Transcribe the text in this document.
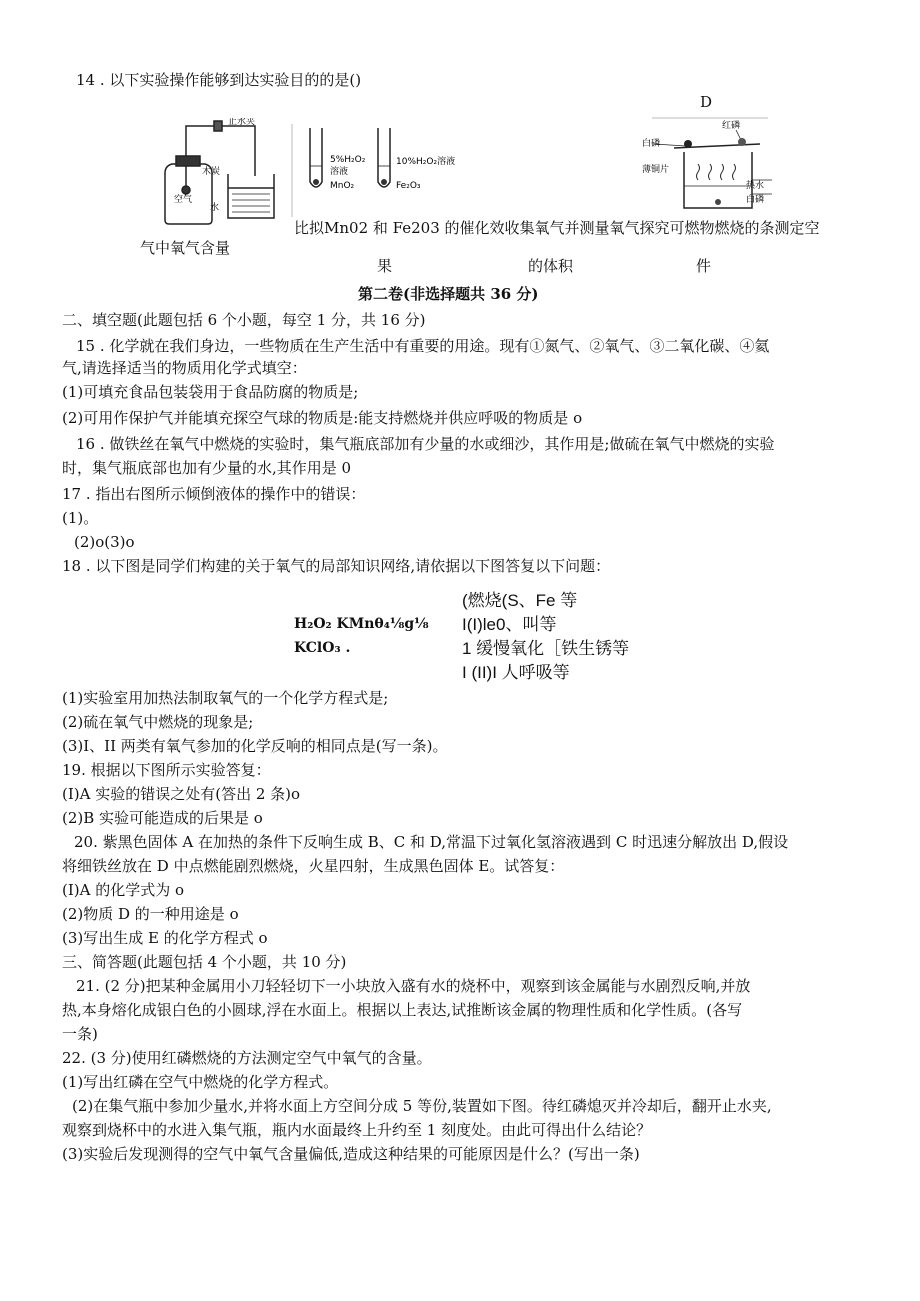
14 . 以下实验操作能够到达实验目的的是()
D
止水夹
木炭
空气
水
5%H₂O₂
溶液
MnO₂
10%H₂O₂溶液
Fe₂O₃
白磷
红磷
薄铜片
热水
白磷
比拟Mn02 和 Fe203 的催化效收集氧气并测量氧气探究可燃物燃烧的条测定空
气中氧气含量
果	的体积	件
第二卷(非选择题共 36 分)
二、填空题(此题包括 6 个小题，每空 1 分，共 16 分)
15 . 化学就在我们身边，一些物质在生产生活中有重要的用途。现有①氮气、②氧气、③二氧化碳、④氦
气,请选择适当的物质用化学式填空：
(1)可填充食品包装袋用于食品防腐的物质是;
(2)可用作保护气并能填充探空气球的物质是:能支持燃烧并供应呼吸的物质是 o
16 . 做铁丝在氧气中燃烧的实验时，集气瓶底部加有少量的水或细沙，其作用是;做硫在氧气中燃烧的实验
时，集气瓶底部也加有少量的水,其作用是 0
17 . 指出右图所示倾倒液体的操作中的错误：
(1)。
(2)o(3)o
18 . 以下图是同学们构建的关于氧气的局部知识网络,请依据以下图答复以下问题：
H₂O₂ KMnθ₄⅛g⅛
KClO₃ .
(燃烧(S、Fe 等
I(I)le0、叫等
1 缓慢氧化［铁生锈等
I (II)I 人呼吸等
(1)实验室用加热法制取氧气的一个化学方程式是;
(2)硫在氧气中燃烧的现象是;
(3)I、II 两类有氧气参加的化学反响的相同点是(写一条)。
19. 根据以下图所示实验答复：
(I)A 实验的错误之处有(答出 2 条)o
(2)B 实验可能造成的后果是 o
20. 紫黑色固体 A 在加热的条件下反响生成 B、C 和 D,常温下过氧化氢溶液遇到 C 时迅速分解放出 D,假设
将细铁丝放在 D 中点燃能剧烈燃烧，火星四射，生成黑色固体 E。试答复：
(I)A 的化学式为 o
(2)物质 D 的一种用途是 o
(3)写出生成 E 的化学方程式 o
三、简答题(此题包括 4 个小题，共 10 分)
21. (2 分)把某种金属用小刀轻轻切下一小块放入盛有水的烧杯中，观察到该金属能与水剧烈反响,并放
热,本身熔化成银白色的小圆球,浮在水面上。根据以上表达,试推断该金属的物理性质和化学性质。(各写
一条)
22. (3 分)使用红磷燃烧的方法测定空气中氧气的含量。
(1)写出红磷在空气中燃烧的化学方程式。
(2)在集气瓶中参加少量水,并将水面上方空间分成 5 等份,装置如下图。待红磷熄灭并冷却后，翻开止水夹,
观察到烧杯中的水进入集气瓶，瓶内水面最终上升约至 1 刻度处。由此可得出什么结论？
(3)实验后发现测得的空气中氧气含量偏低,造成这种结果的可能原因是什么？(写出一条)
